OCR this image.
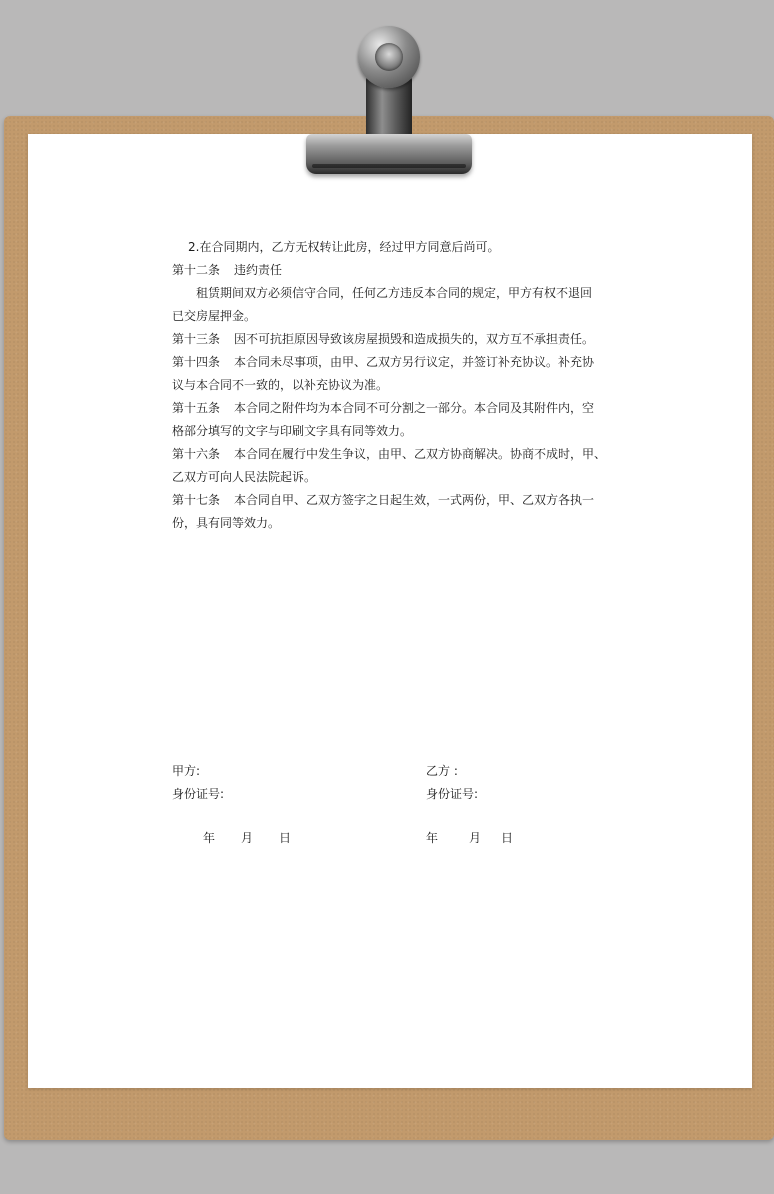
2.在合同期内，乙方无权转让此房，经过甲方同意后尚可。

第十二条 违约责任

租赁期间双方必须信守合同，任何乙方违反本合同的规定，甲方有权不退回

已交房屋押金。

第十三条 因不可抗拒原因导致该房屋损毁和造成损失的，双方互不承担责任。

第十四条 本合同未尽事项，由甲、乙双方另行议定，并签订补充协议。补充协

议与本合同不一致的，以补充协议为准。

第十五条 本合同之附件均为本合同不可分割之一部分。本合同及其附件内，空

格部分填写的文字与印刷文字具有同等效力。

第十六条 本合同在履行中发生争议，由甲、乙双方协商解决。协商不成时，甲、

乙双方可向人民法院起诉。

第十七条 本合同自甲、乙双方签字之日起生效，一式两份，甲、乙双方各执一

份，具有同等效力。

甲方:
身份证号:
乙方 :
身份证号:
年 月 日	年	月 日
